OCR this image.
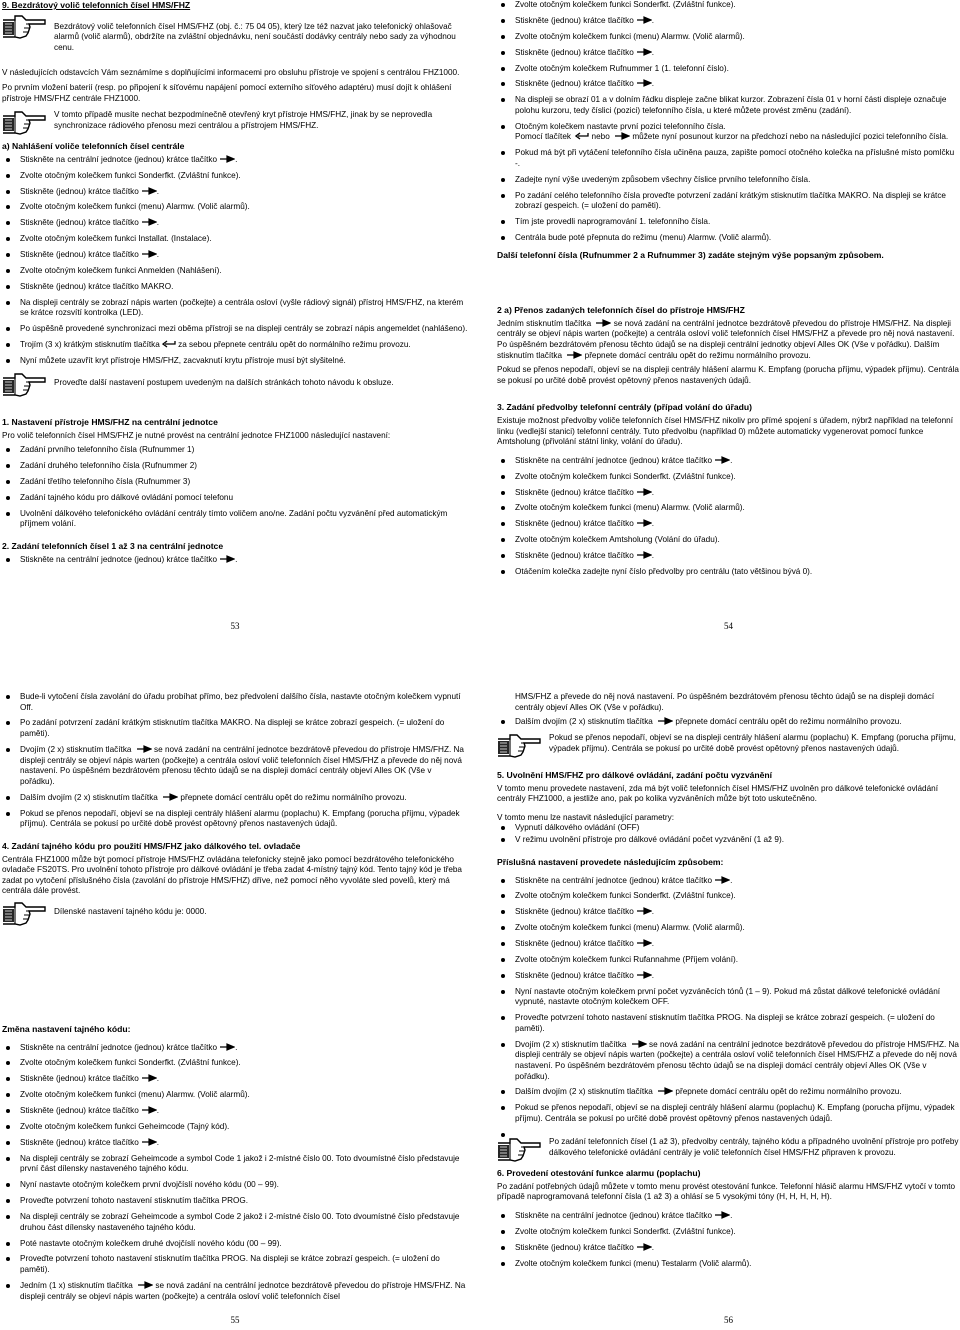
9. Bezdrátový volič telefonních čísel HMS/FHZ

Bezdrátový volič telefonních čísel HMS/FHZ (obj. č.: 75 04 05), který lze též nazvat jako telefonický ohlašovač alarmů (volič alarmů), obdržíte na zvláštní objednávku, není součástí dodávky centrály nebo sady za výhodnou cenu.

V následujících odstavcích Vám seznámíme s doplňujícími informacemi pro obsluhu přístroje ve spojení s centrálou FHZ1000.

Po prvním vložení baterií (resp. po připojení k síťovému napájení pomocí externího síťového adaptéru) musí dojít k ohlášení přístroje HMS/FHZ centrále FHZ1000.

V tomto případě musíte nechat bezpodmínečně otevřený kryt přístroje HMS/FHZ, jinak by se neprovedla synchronizace rádiového přenosu mezi centrálou a přístrojem HMS/FHZ.

a) Nahlášení voliče telefonních čísel centrále
Stiskněte na centrální jednotce (jednou) krátce tlačítko .
Zvolte otočným kolečkem funkci Sonderfkt. (Zvláštní funkce).
Stiskněte (jednou) krátce tlačítko .
Zvolte otočným kolečkem funkci (menu) Alarmw. (Volič alarmů).
Stiskněte (jednou) krátce tlačítko .
Zvolte otočným kolečkem funkci Installat. (Instalace).
Stiskněte (jednou) krátce tlačítko .
Zvolte otočným kolečkem funkci Anmelden (Nahlášení).
Stiskněte (jednou) krátce tlačítko MAKRO.
Na displeji centrály se zobrazí nápis warten (počkejte) a centrála osloví (vyšle rádiový signál) přístroj HMS/FHZ, na kterém se krátce rozsvítí kontrolka (LED).
Po úspěšně provedené synchronizaci mezi oběma přístroji se na displeji centrály se zobrazí nápis angemeldet (nahlášeno).
Trojím (3 x) krátkým stisknutím tlačítka za sebou přepnete centrálu opět do normálního režimu provozu.
Nyní můžete uzavřít kryt přístroje HMS/FHZ, zacvaknutí krytu přístroje musí být slyšitelné.

Proveďte další nastavení postupem uvedeným na dalších stránkách tohoto návodu k obsluze.

1. Nastavení přístroje HMS/FHZ na centrální jednotce

Pro volič telefonních čísel HMS/FHZ je nutné provést na centrální jednotce FHZ1000 následující nastavení:

Zadání prvního telefonního čísla (Rufnummer 1)
Zadání druhého telefonního čísla (Rufnummer 2)
Zadání třetího telefonního čísla (Rufnummer 3)
Zadání tajného kódu pro dálkové ovládání pomocí telefonu
Uvolnění dálkového telefonického ovládání centrály tímto voličem ano/ne. Zadání počtu vyzvánění před automatickým příjmem volání.
2. Zadání telefonních čísel 1 až 3 na centrální jednotce
Stiskněte na centrální jednotce (jednou) krátce tlačítko .
53
Zvolte otočným kolečkem funkci Sonderfkt. (Zvláštní funkce).
Stiskněte (jednou) krátce tlačítko .
Zvolte otočným kolečkem funkci (menu) Alarmw. (Volič alarmů).
Stiskněte (jednou) krátce tlačítko .
Zvolte otočným kolečkem Rufnummer 1 (1. telefonní číslo).
Stiskněte (jednou) krátce tlačítko .
Na displeji se obrazí 01 a v dolním řádku displeje začne blikat kurzor. Zobrazení čísla 01 v horní části displeje označuje polohu kurzoru, tedy číslici (pozici) telefonního čísla, u které můžete provést změnu (zadání).
Otočným kolečkem nastavte první pozici telefonního čísla.
Pomocí tlačítek	nebo	můžete nyní posunout kurzor na předchozí nebo na následující pozici telefonního čísla.
Pokud má být při vytáčení telefonního čísla učiněna pauza, zapište pomocí otočného kolečka na příslušné místo pomlčku -.
Zadejte nyní výše uvedeným způsobem všechny číslice prvního telefonního čísla.
Po zadání celého telefonního čísla proveďte potvrzení zadání krátkým stisknutím tlačítka MAKRO. Na displeji se krátce zobrazí gespeich. (= uložení do paměti).
Tím jste provedli naprogramování 1. telefonního čísla.
Centrála bude poté přepnuta do režimu (menu) Alarmw. (Volič alarmů).
Další telefonní čísla (Rufnummer 2 a Rufnummer 3) zadáte stejným výše popsaným způsobem.
2 a) Přenos zadaných telefonních čísel do přístroje HMS/FHZ

Jedním stisknutím tlačítka	se nová zadání na centrální jednotce bezdrátově převedou do přístroje HMS/FHZ. Na displeji centrály se objeví nápis warten (počkejte) a centrála osloví volič telefonních čísel HMS/FHZ a převede pro něj nová nastavení. Po úspěšném bezdrátovém přenosu těchto údajů se na displeji centrální jednotky objeví Alles OK (Vše v pořádku). Dalším stisknutím tlačítka	přepnete domácí centrálu opět do režimu normálního provozu.

Pokud se přenos nepodaří, objeví se na displeji centrály hlášení alarmu K. Empfang (porucha příjmu, výpadek příjmu). Centrála se pokusí po určité době provést opětovný přenos nastavených údajů.

3. Zadání předvolby telefonní centrály (případ volání do úřadu)

Existuje možnost předvolby voliče telefonních čísel HMS/FHZ nikoliv pro přímé spojení s úřadem, nýbrž například na telefonní linku (vedlejší stanici) telefonní centrály. Tuto předvolbu (například 0) můžete automaticky vygenerovat pomocí funkce Amtsholung (přivolání státní linky, volání do úřadu).

Stiskněte na centrální jednotce (jednou) krátce tlačítko .
Zvolte otočným kolečkem funkci Sonderfkt. (Zvláštní funkce).
Stiskněte (jednou) krátce tlačítko .
Zvolte otočným kolečkem funkci (menu) Alarmw. (Volič alarmů).
Stiskněte (jednou) krátce tlačítko .
Zvolte otočným kolečkem Amtsholung (Volání do úřadu).
Stiskněte (jednou) krátce tlačítko .
Otáčením kolečka zadejte nyní číslo předvolby pro centrálu (tato většinou bývá 0).
54
Bude-li vytočení čísla zavolání do úřadu probíhat přímo, bez předvolení dalšího čísla, nastavte otočným kolečkem vypnutí Off.
Po zadání potvrzení zadání krátkým stisknutím tlačítka MAKRO. Na displeji se krátce zobrazí gespeich. (= uložení do paměti).
Dvojím (2 x) stisknutím tlačítka	se nová zadání na centrální jednotce bezdrátově převedou do přístroje HMS/FHZ. Na displeji centrály se objeví nápis warten (počkejte) a centrála osloví volič telefonních čísel HMS/FHZ a převede do něj nová nastavení. Po úspěšném bezdrátovém přenosu těchto údajů se na displeji domácí centrály objeví Alles OK (Vše v pořádku).
Dalším dvojím (2 x) stisknutím tlačítka	přepnete domácí centrálu opět do režimu normálního provozu.
Pokud se přenos nepodaří, objeví se na displeji centrály hlášení alarmu (poplachu) K. Empfang (porucha příjmu, výpadek příjmu). Centrála se pokusí po určité době provést opětovný přenos nastavených údajů.
4. Zadání tajného kódu pro použití HMS/FHZ jako dálkového tel. ovladače

Centrála FHZ1000 může být pomocí přístroje HMS/FHZ ovládána telefonicky stejně jako pomocí bezdrátového telefonického ovladače FS20TS. Pro uvolnění tohoto přístroje pro dálkové ovládání je třeba zadat 4-místný tajný kód. Tento tajný kód je třeba zadat po vytočení příslušného čísla (zavolání do přístroje HMS/FHZ) dříve, než pomocí něho vyvoláte sled povelů, který má centrála dále provést.

Dílenské nastavení tajného kódu je: 0000.

Změna nastavení tajného kódu:
Stiskněte na centrální jednotce (jednou) krátce tlačítko .
Zvolte otočným kolečkem funkci Sonderfkt. (Zvláštní funkce).
Stiskněte (jednou) krátce tlačítko .
Zvolte otočným kolečkem funkci (menu) Alarmw. (Volič alarmů).
Stiskněte (jednou) krátce tlačítko .
Zvolte otočným kolečkem funkci Geheimcode (Tajný kód).
Stiskněte (jednou) krátce tlačítko .
Na displeji centrály se zobrazí Geheimcode a symbol Code 1 jakož i 2-místné číslo 00. Toto dvoumístné číslo představuje první část dílensky nastaveného tajného kódu.
Nyní nastavte otočným kolečkem první dvojčíslí nového kódu (00 – 99).
Proveďte potvrzení tohoto nastavení stisknutím tlačítka PROG.
Na displeji centrály se zobrazí Geheimcode a symbol Code 2 jakož i 2-místné číslo 00. Toto dvoumístné číslo představuje druhou část dílensky nastaveného tajného kódu.
Poté nastavte otočným kolečkem druhé dvojčíslí nového kódu (00 – 99).
Proveďte potvrzení tohoto nastavení stisknutím tlačítka PROG. Na displeji se krátce zobrazí gespeich. (= uložení do paměti).
Jedním (1 x) stisknutím tlačítka	se nová zadání na centrální jednotce bezdrátově převedou do přístroje HMS/FHZ. Na displeji centrály se objeví nápis warten (počkejte) a centrála osloví volič telefonních čísel
55

HMS/FHZ a převede do něj nová nastavení. Po úspěšném bezdrátovém přenosu těchto údajů se na displeji domácí centrály objeví Alles OK (Vše v pořádku).

Dalším dvojím (2 x) stisknutím tlačítka	přepnete domácí centrálu opět do režimu normálního provozu.

Pokud se přenos nepodaří, objeví se na displeji centrály hlášení alarmu (poplachu) K. Empfang (porucha příjmu, výpadek příjmu). Centrála se pokusí po určité době provést opětovný přenos nastavených údajů.

5. Uvolnění HMS/FHZ pro dálkové ovládání, zadání počtu vyzvánění

V tomto menu provedete nastavení, zda má být volič telefonních čísel HMS/FHZ uvolněn pro dálkové telefonické ovládání centrály FHZ1000, a jestliže ano, pak po kolika vyzváněních může být toto uskutečněno.

V tomto menu lze nastavit následující parametry:

Vypnutí dálkového ovládání (OFF)
V režimu uvolnění přístroje pro dálkové ovládání počet vyzvánění (1 až 9).
Příslušná nastavení provedete následujícím způsobem:
Stiskněte na centrální jednotce (jednou) krátce tlačítko .
Zvolte otočným kolečkem funkci Sonderfkt. (Zvláštní funkce).
Stiskněte (jednou) krátce tlačítko .
Zvolte otočným kolečkem funkci (menu) Alarmw. (Volič alarmů).
Stiskněte (jednou) krátce tlačítko .
Zvolte otočným kolečkem funkci Rufannahme (Příjem volání).
Stiskněte (jednou) krátce tlačítko .
Nyní nastavte otočným kolečkem první počet vyzváněcích tónů (1 – 9). Pokud má zůstat dálkové telefonické ovládání vypnuté, nastavte otočným kolečkem OFF.
Proveďte potvrzení tohoto nastavení stisknutím tlačítka PROG. Na displeji se krátce zobrazí gespeich. (= uložení do paměti).
Dvojím (2 x) stisknutím tlačítka	se nová zadání na centrální jednotce bezdrátově převedou do přístroje HMS/FHZ. Na displeji centrály se objeví nápis warten (počkejte) a centrála osloví volič telefonních čísel HMS/FHZ a převede do něj nová nastavení. Po úspěšném bezdrátovém přenosu těchto údajů se na displeji domácí centrály objeví Alles OK (Vše v pořádku).
Dalším dvojím (2 x) stisknutím tlačítka	přepnete domácí centrálu opět do režimu normálního provozu.
Pokud se přenos nepodaří, objeví se na displeji centrály hlášení alarmu (poplachu) K. Empfang (porucha příjmu, výpadek příjmu). Centrála se pokusí po určité době provést opětovný přenos nastavených údajů.

Po zadání telefonních čísel (1 až 3), předvolby centrály, tajného kódu a případného uvolnění přístroje pro potřeby dálkového telefonické ovládání centrály je volič telefonních čísel HMS/FHZ připraven k provozu.

6. Provedení otestování funkce alarmu (poplachu)

Po zadání potřebných údajů můžete v tomto menu provést otestování funkce. Telefonní hlásič alarmu HMS/FHZ vytočí v tomto případě naprogramovaná telefonní čísla (1 až 3) a ohlásí se 5 vysokými tóny (H, H, H, H, H).

Stiskněte na centrální jednotce (jednou) krátce tlačítko .
Zvolte otočným kolečkem funkci Sonderfkt. (Zvláštní funkce).
Stiskněte (jednou) krátce tlačítko .
Zvolte otočným kolečkem funkci (menu) Testalarm (Volič alarmů).
56
